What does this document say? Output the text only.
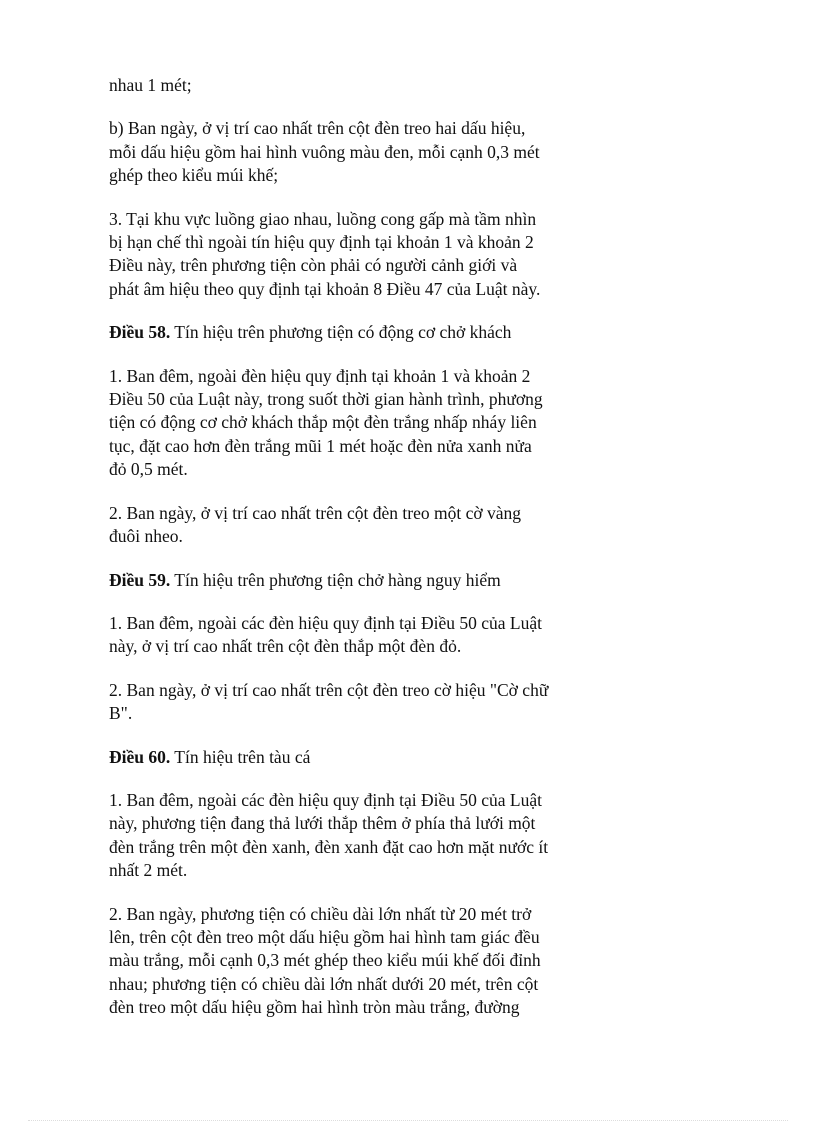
nhau 1 mét;

b) Ban ngày, ở vị trí cao nhất trên cột đèn treo hai dấu hiệu,
mỗi dấu hiệu gồm hai hình vuông màu đen, mỗi cạnh 0,3 mét
ghép theo kiểu múi khế;

3. Tại khu vực luồng giao nhau, luồng cong gấp mà tầm nhìn
bị hạn chế thì ngoài tín hiệu quy định tại khoản 1 và khoản 2
Điều này, trên phương tiện còn phải có người cảnh giới và
phát âm hiệu theo quy định tại khoản 8 Điều 47 của Luật này.

Điều 58. Tín hiệu trên phương tiện có động cơ chở khách

1. Ban đêm, ngoài đèn hiệu quy định tại khoản 1 và khoản 2
Điều 50 của Luật này, trong suốt thời gian hành trình, phương
tiện có động cơ chở khách thắp một đèn trắng nhấp nháy liên
tục, đặt cao hơn đèn trắng mũi 1 mét hoặc đèn nửa xanh nửa
đỏ 0,5 mét.

2. Ban ngày, ở vị trí cao nhất trên cột đèn treo một cờ vàng
đuôi nheo.

Điều 59. Tín hiệu trên phương tiện chở hàng nguy hiểm

1. Ban đêm, ngoài các đèn hiệu quy định tại Điều 50 của Luật
này, ở vị trí cao nhất trên cột đèn thắp một đèn đỏ.

2. Ban ngày, ở vị trí cao nhất trên cột đèn treo cờ hiệu "Cờ chữ
B".

Điều 60. Tín hiệu trên tàu cá

1. Ban đêm, ngoài các đèn hiệu quy định tại Điều 50 của Luật
này, phương tiện đang thả lưới thắp thêm ở phía thả lưới một
đèn trắng trên một đèn xanh, đèn xanh đặt cao hơn mặt nước ít
nhất 2 mét.

2. Ban ngày, phương tiện có chiều dài lớn nhất từ 20 mét trở
lên, trên cột đèn treo một dấu hiệu gồm hai hình tam giác đều
màu trắng, mỗi cạnh 0,3 mét ghép theo kiểu múi khế đối đỉnh
nhau; phương tiện có chiều dài lớn nhất dưới 20 mét, trên cột
đèn treo một dấu hiệu gồm hai hình tròn màu trắng, đường
